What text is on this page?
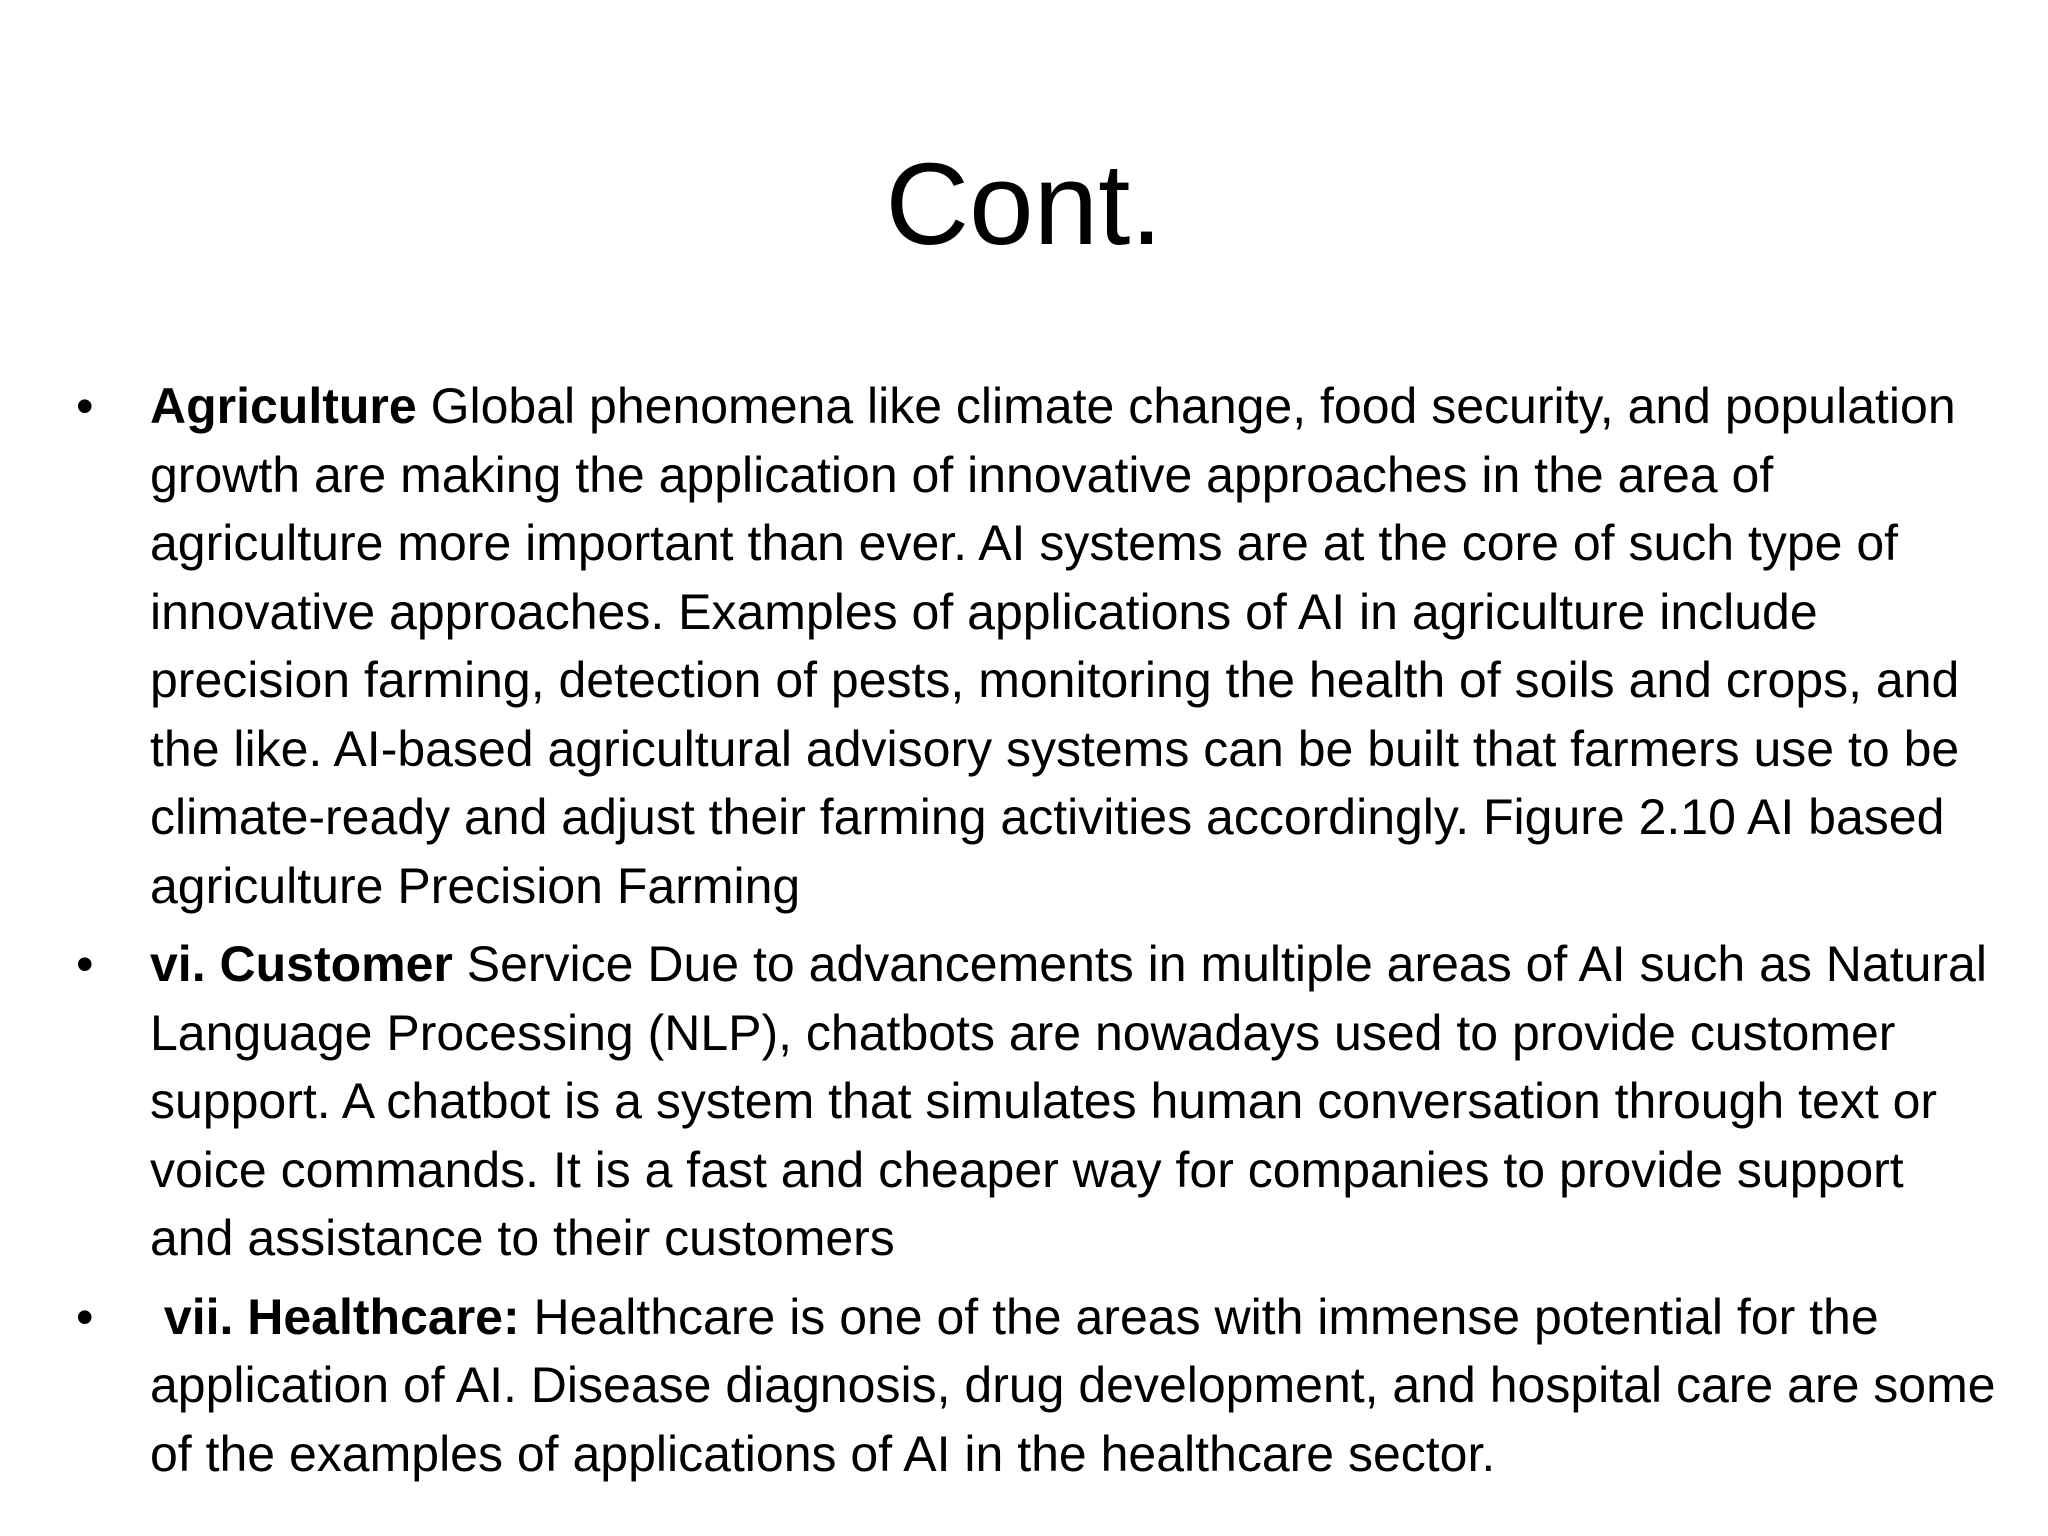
Cont.
•	Agriculture Global phenomena like climate change, food security, and population growth are making the application of innovative approaches in the area of agriculture more important than ever. AI systems are at the core of such type of innovative approaches. Examples of applications of AI in agriculture include precision farming, detection of pests, monitoring the health of soils and crops, and the like. AI-based agricultural advisory systems can be built that farmers use to be climate-ready and adjust their farming activities accordingly. Figure 2.10 AI based agriculture Precision Farming
•	vi. Customer Service Due to advancements in multiple areas of AI such as Natural Language Processing (NLP), chatbots are nowadays used to provide customer support. A chatbot is a system that simulates human conversation through text or voice commands. It is a fast and cheaper way for companies to provide support and assistance to their customers
•	vii. Healthcare: Healthcare is one of the areas with immense potential for the application of AI. Disease diagnosis, drug development, and hospital care are some of the examples of applications of AI in the healthcare sector.
